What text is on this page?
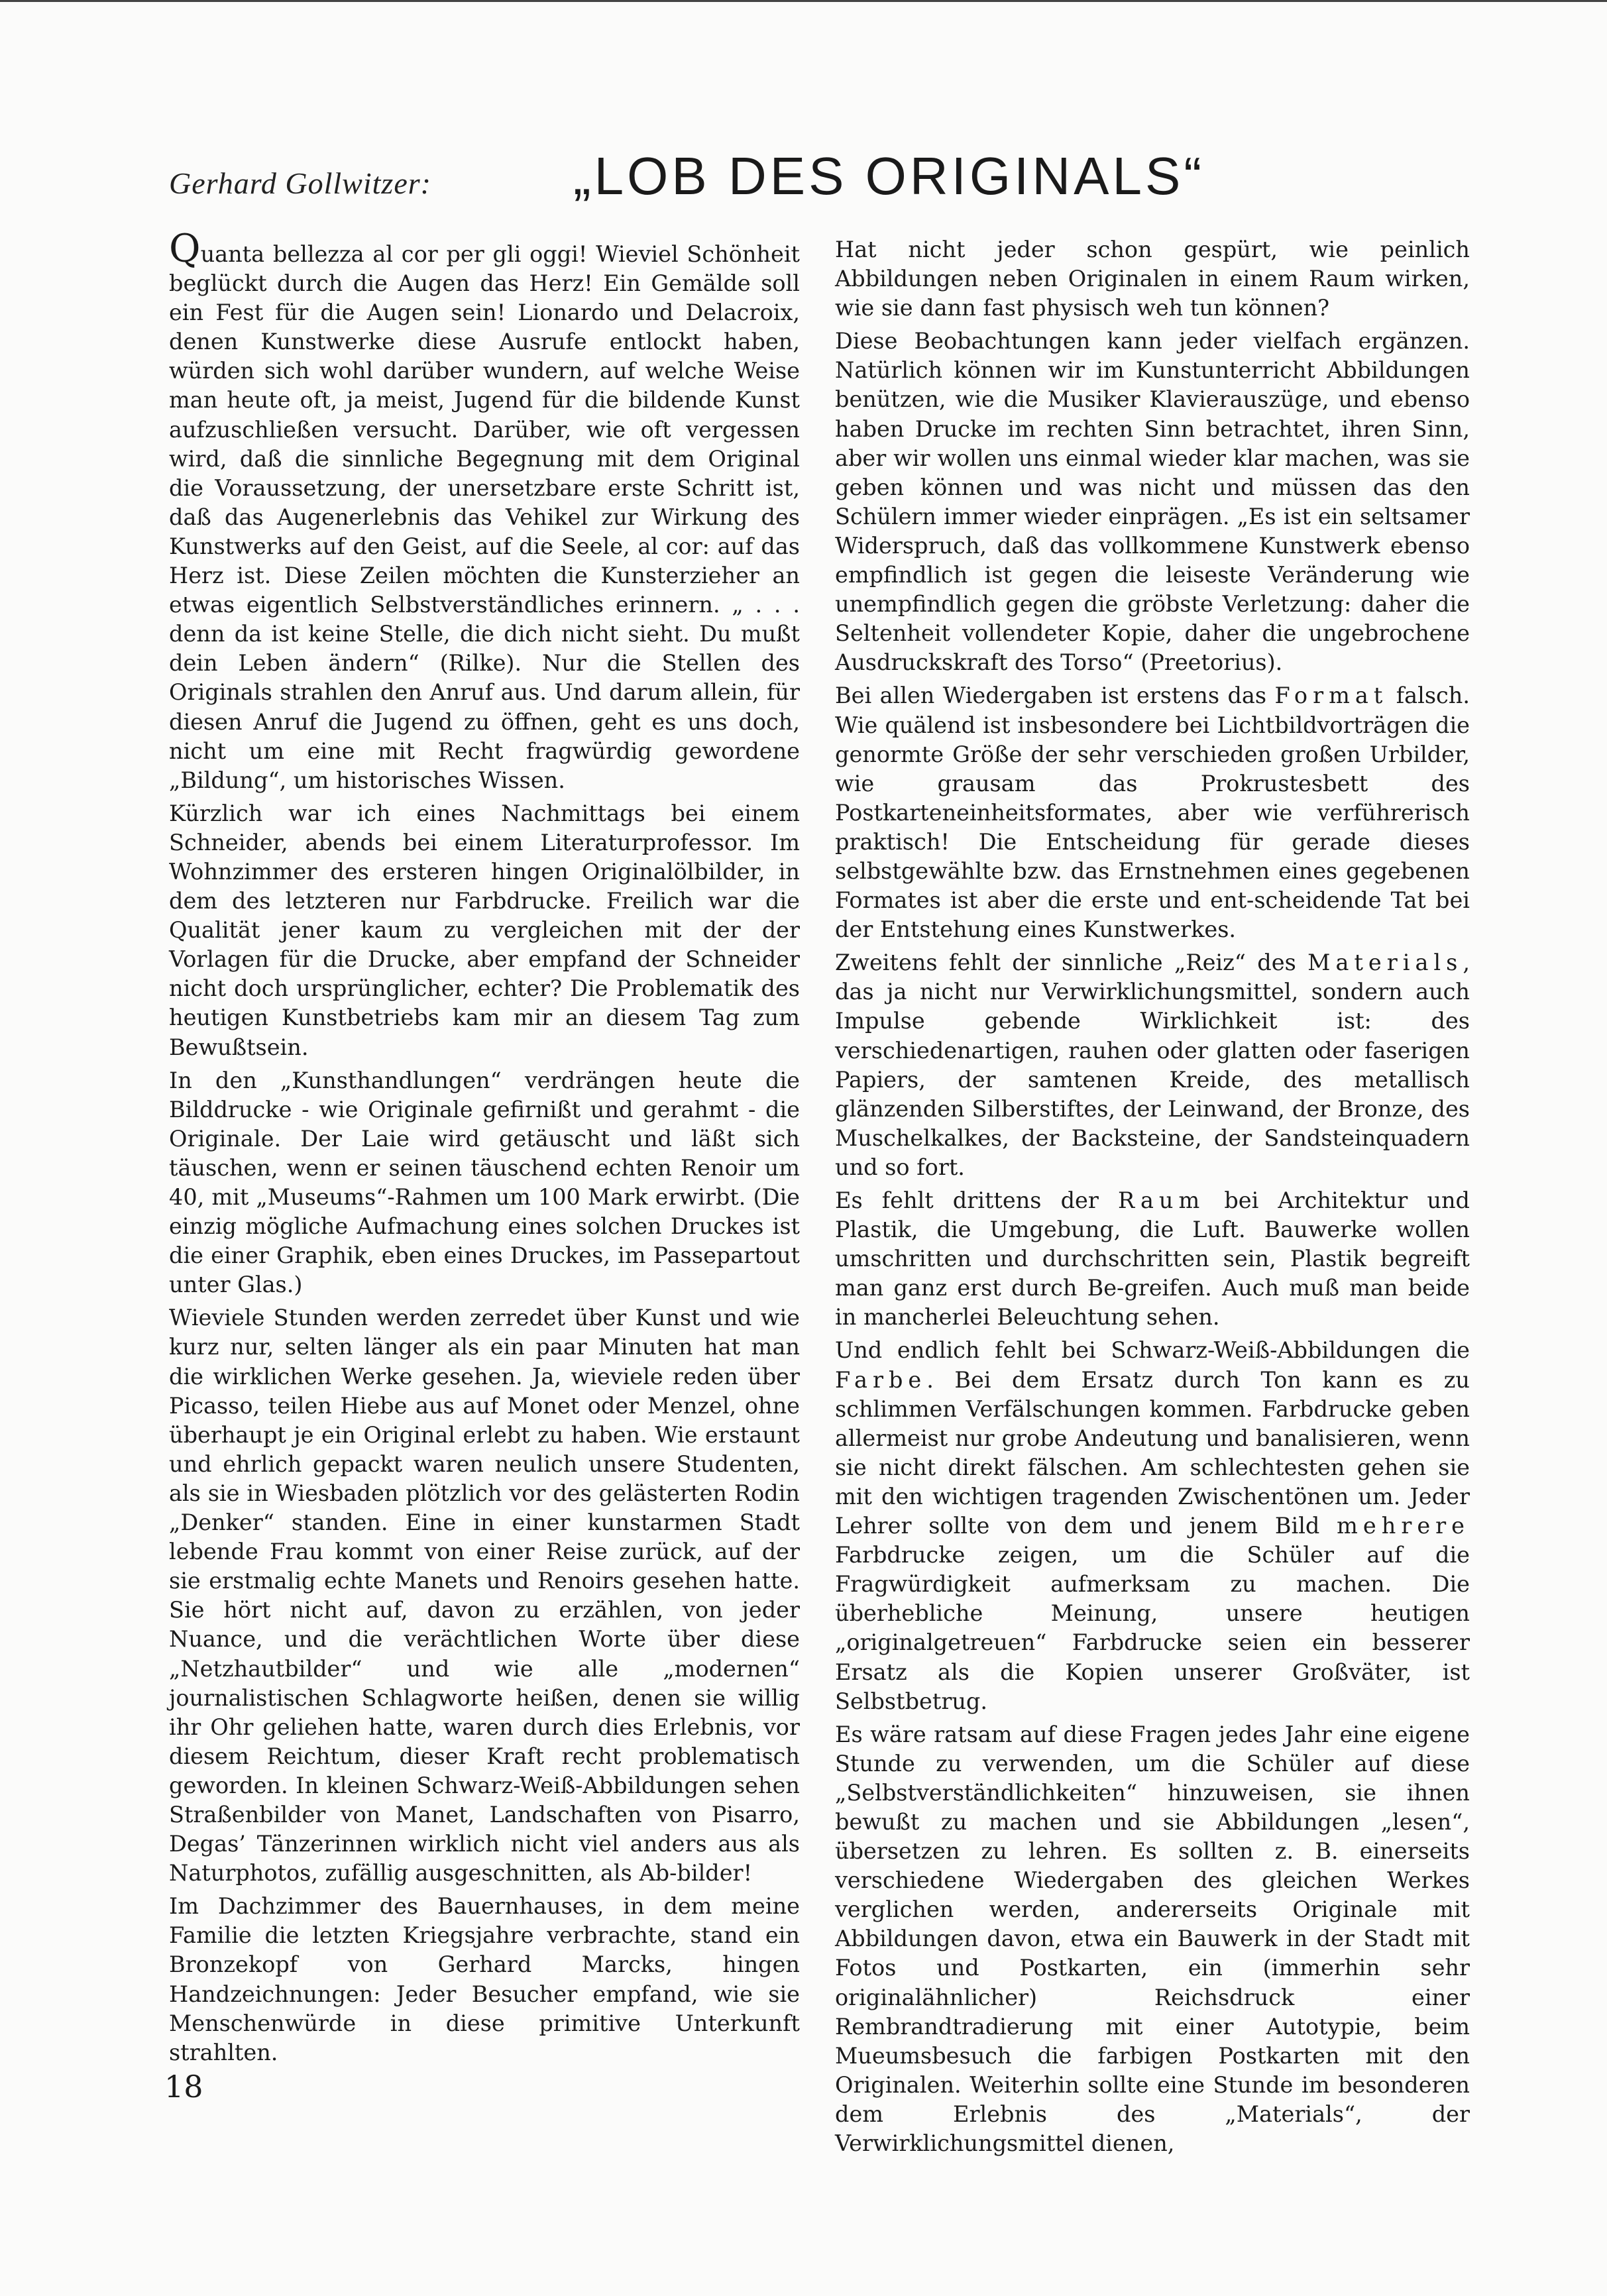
Gerhard Gollwitzer:	„LOB DES ORIGINALS“

Quanta bellezza al cor per gli oggi! Wieviel Schönheit beglückt durch die Augen das Herz! Ein Gemälde soll ein Fest für die Augen sein! Lionardo und Delacroix, denen Kunstwerke diese Ausrufe entlockt haben, würden sich wohl darüber wundern, auf welche Weise man heute oft, ja meist, Jugend für die bildende Kunst aufzuschließen versucht. Darüber, wie oft vergessen wird, daß die sinnliche Begegnung mit dem Original die Voraussetzung, der unersetzbare erste Schritt ist, daß das Augenerlebnis das Vehikel zur Wirkung des Kunstwerks auf den Geist, auf die Seele, al cor: auf das Herz ist. Diese Zeilen möchten die Kunsterzieher an etwas eigentlich Selbstverständliches erinnern. „ . . . denn da ist keine Stelle, die dich nicht sieht. Du mußt dein Leben ändern“ (Rilke). Nur die Stellen des Originals strahlen den Anruf aus. Und darum allein, für diesen Anruf die Jugend zu öffnen, geht es uns doch, nicht um eine mit Recht fragwürdig gewordene „Bildung“, um historisches Wissen.

Kürzlich war ich eines Nachmittags bei einem Schneider, abends bei einem Literaturprofessor. Im Wohnzimmer des ersteren hingen Originalölbilder, in dem des letzteren nur Farbdrucke. Freilich war die Qualität jener kaum zu vergleichen mit der der Vorlagen für die Drucke, aber empfand der Schneider nicht doch ursprünglicher, echter? Die Problematik des heutigen Kunstbetriebs kam mir an diesem Tag zum Bewußtsein.

In den „Kunsthandlungen“ verdrängen heute die Bilddrucke - wie Originale gefirnißt und gerahmt - die Originale. Der Laie wird getäuscht und läßt sich täuschen, wenn er seinen täuschend echten Renoir um 40, mit „Museums“-Rahmen um 100 Mark erwirbt. (Die einzig mögliche Aufmachung eines solchen Druckes ist die einer Graphik, eben eines Druckes, im Passepartout unter Glas.)

Wieviele Stunden werden zerredet über Kunst und wie kurz nur, selten länger als ein paar Minuten hat man die wirklichen Werke gesehen. Ja, wieviele reden über Picasso, teilen Hiebe aus auf Monet oder Menzel, ohne überhaupt je ein Original erlebt zu haben. Wie erstaunt und ehrlich gepackt waren neulich unsere Studenten, als sie in Wiesbaden plötzlich vor des gelästerten Rodin „Denker“ standen. Eine in einer kunstarmen Stadt lebende Frau kommt von einer Reise zurück, auf der sie erstmalig echte Manets und Renoirs gesehen hatte. Sie hört nicht auf, davon zu erzählen, von jeder Nuance, und die verächtlichen Worte über diese „Netzhautbilder“ und wie alle „modernen“ journalistischen Schlagworte heißen, denen sie willig ihr Ohr geliehen hatte, waren durch dies Erlebnis, vor diesem Reichtum, dieser Kraft recht problematisch geworden. In kleinen Schwarz-Weiß-Abbildungen sehen Straßenbilder von Manet, Landschaften von Pisarro, Degas’ Tänzerinnen wirklich nicht viel anders aus als Naturphotos, zufällig ausgeschnitten, als Ab-bilder!

Im Dachzimmer des Bauernhauses, in dem meine Familie die letzten Kriegsjahre verbrachte, stand ein Bronzekopf von Gerhard Marcks, hingen Handzeichnungen: Jeder Besucher empfand, wie sie Menschenwürde in diese primitive Unterkunft strahlten.

Hat nicht jeder schon gespürt, wie peinlich Abbildungen neben Originalen in einem Raum wirken, wie sie dann fast physisch weh tun können?

Diese Beobachtungen kann jeder vielfach ergänzen. Natürlich können wir im Kunstunterricht Abbildungen benützen, wie die Musiker Klavierauszüge, und ebenso haben Drucke im rechten Sinn betrachtet, ihren Sinn, aber wir wollen uns einmal wieder klar machen, was sie geben können und was nicht und müssen das den Schülern immer wieder einprägen. „Es ist ein seltsamer Widerspruch, daß das vollkommene Kunstwerk ebenso empfindlich ist gegen die leiseste Veränderung wie unempfindlich gegen die gröbste Verletzung: daher die Seltenheit vollendeter Kopie, daher die ungebrochene Ausdruckskraft des Torso“ (Preetorius).

Bei allen Wiedergaben ist erstens das Format falsch. Wie quälend ist insbesondere bei Lichtbildvorträgen die genormte Größe der sehr verschieden großen Urbilder, wie grausam das Prokrustesbett des Postkarteneinheitsformates, aber wie verführerisch praktisch! Die Entscheidung für gerade dieses selbstgewählte bzw. das Ernstnehmen eines gegebenen Formates ist aber die erste und ent-scheidende Tat bei der Entstehung eines Kunstwerkes.

Zweitens fehlt der sinnliche „Reiz“ des Materials, das ja nicht nur Verwirklichungsmittel, sondern auch Impulse gebende Wirklichkeit ist: des verschiedenartigen, rauhen oder glatten oder faserigen Papiers, der samtenen Kreide, des metallisch glänzenden Silberstiftes, der Leinwand, der Bronze, des Muschelkalkes, der Backsteine, der Sandsteinquadern und so fort.

Es fehlt drittens der Raum bei Architektur und Plastik, die Umgebung, die Luft. Bauwerke wollen umschritten und durchschritten sein, Plastik begreift man ganz erst durch Be-greifen. Auch muß man beide in mancherlei Beleuchtung sehen.

Und endlich fehlt bei Schwarz-Weiß-Abbildungen die Farbe. Bei dem Ersatz durch Ton kann es zu schlimmen Verfälschungen kommen. Farbdrucke geben allermeist nur grobe Andeutung und banalisieren, wenn sie nicht direkt fälschen. Am schlechtesten gehen sie mit den wichtigen tragenden Zwischentönen um. Jeder Lehrer sollte von dem und jenem Bild mehrere Farbdrucke zeigen, um die Schüler auf die Fragwürdigkeit aufmerksam zu machen. Die überhebliche Meinung, unsere heutigen „originalgetreuen“ Farbdrucke seien ein besserer Ersatz als die Kopien unserer Großväter, ist Selbstbetrug.

Es wäre ratsam auf diese Fragen jedes Jahr eine eigene Stunde zu verwenden, um die Schüler auf diese „Selbstverständlichkeiten“ hinzuweisen, sie ihnen bewußt zu machen und sie Abbildungen „lesen“, übersetzen zu lehren. Es sollten z. B. einerseits verschiedene Wiedergaben des gleichen Werkes verglichen werden, andererseits Originale mit Abbildungen davon, etwa ein Bauwerk in der Stadt mit Fotos und Postkarten, ein (immerhin sehr originalähnlicher) Reichsdruck einer Rembrandtradierung mit einer Autotypie, beim Mueumsbesuch die farbigen Postkarten mit den Originalen. Weiterhin sollte eine Stunde im besonderen dem Erlebnis des „Materials“, der Verwirklichungsmittel dienen,

18
